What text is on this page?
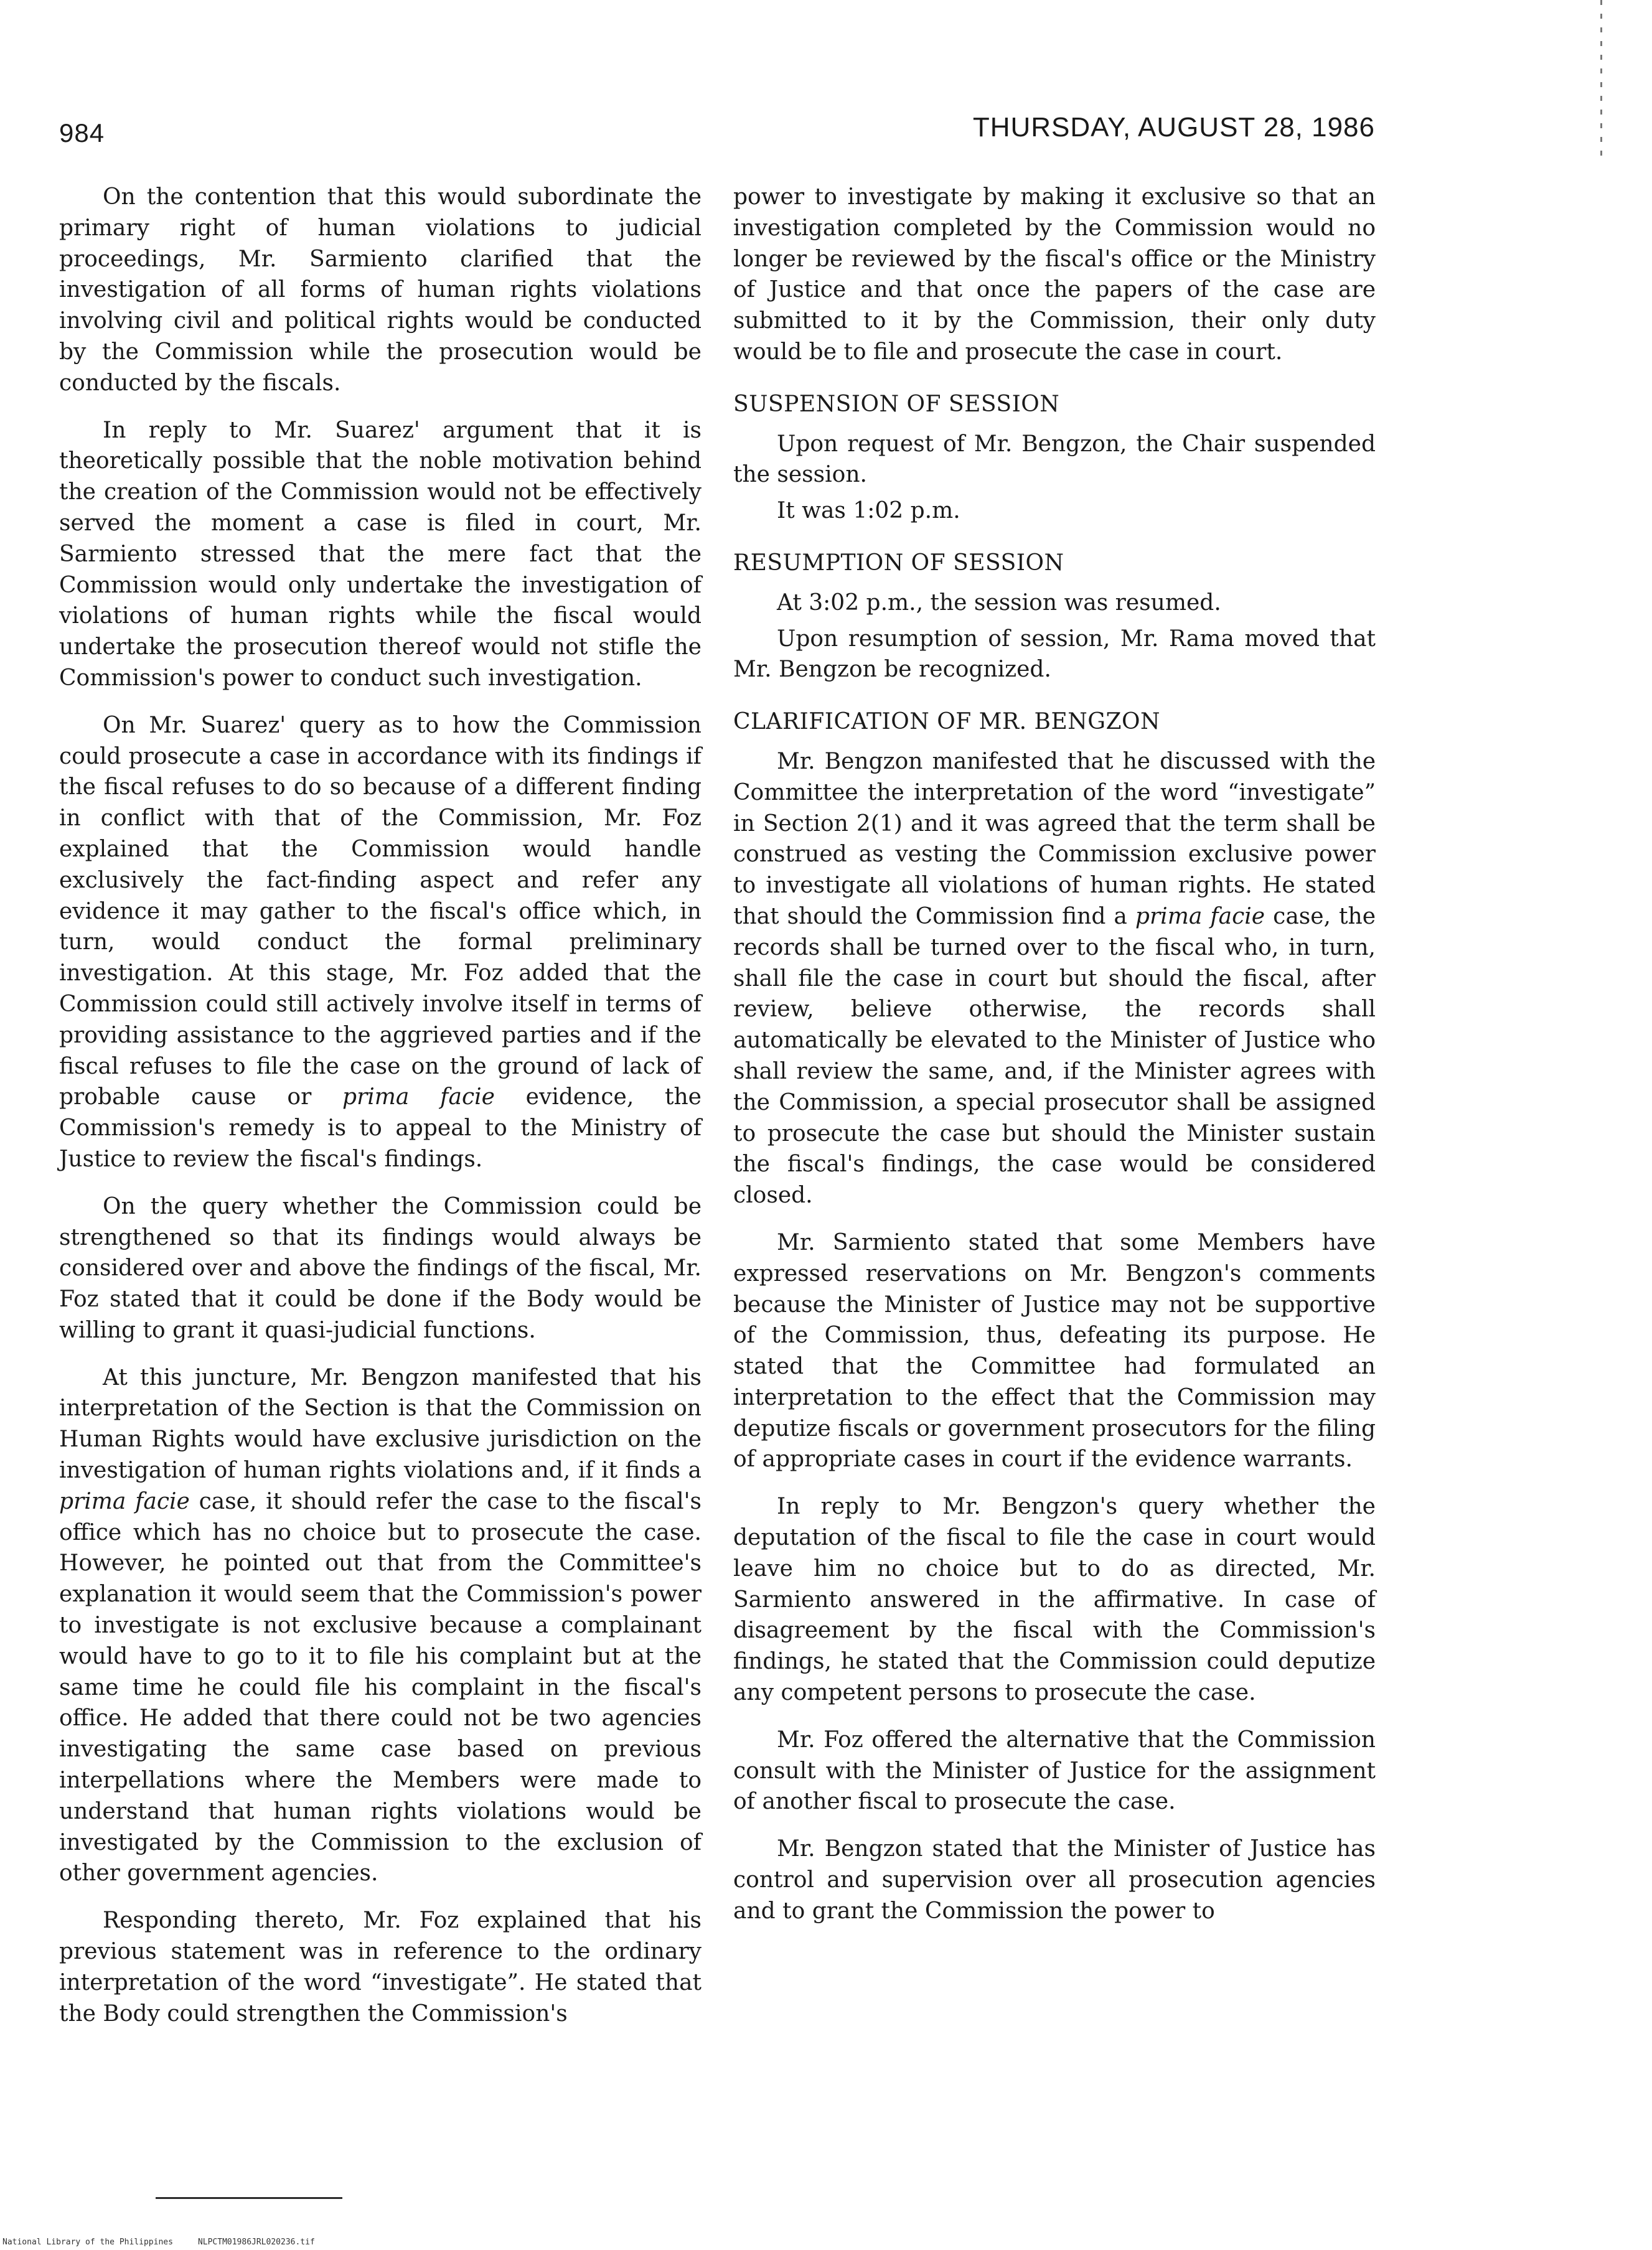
984	THURSDAY, AUGUST 28, 1986

On the contention that this would subordinate the primary right of human violations to judicial proceedings, Mr. Sarmiento clarified that the investigation of all forms of human rights violations involving civil and political rights would be conducted by the Commission while the prosecution would be conducted by the fiscals.

In reply to Mr. Suarez' argument that it is theoretically possible that the noble motivation behind the creation of the Commission would not be effectively served the moment a case is filed in court, Mr. Sarmiento stressed that the mere fact that the Commission would only undertake the investigation of violations of human rights while the fiscal would undertake the prosecution thereof would not stifle the Commission's power to conduct such investigation.

On Mr. Suarez' query as to how the Commission could prosecute a case in accordance with its findings if the fiscal refuses to do so because of a different finding in conflict with that of the Commission, Mr. Foz explained that the Commission would handle exclusively the fact-finding aspect and refer any evidence it may gather to the fiscal's office which, in turn, would conduct the formal preliminary investigation. At this stage, Mr. Foz added that the Commission could still actively involve itself in terms of providing assistance to the aggrieved parties and if the fiscal refuses to file the case on the ground of lack of probable cause or prima facie evidence, the Commission's remedy is to appeal to the Ministry of Justice to review the fiscal's findings.

On the query whether the Commission could be strengthened so that its findings would always be considered over and above the findings of the fiscal, Mr. Foz stated that it could be done if the Body would be willing to grant it quasi-judicial functions.

At this juncture, Mr. Bengzon manifested that his interpretation of the Section is that the Commission on Human Rights would have exclusive jurisdiction on the investigation of human rights violations and, if it finds a prima facie case, it should refer the case to the fiscal's office which has no choice but to prosecute the case. However, he pointed out that from the Committee's explanation it would seem that the Commission's power to investigate is not exclusive because a complainant would have to go to it to file his complaint but at the same time he could file his complaint in the fiscal's office. He added that there could not be two agencies investigating the same case based on previous interpellations where the Members were made to understand that human rights violations would be investigated by the Commission to the exclusion of other government agencies.

Responding thereto, Mr. Foz explained that his previous statement was in reference to the ordinary interpretation of the word “investigate”. He stated that the Body could strengthen the Commission's

power to investigate by making it exclusive so that an investigation completed by the Commission would no longer be reviewed by the fiscal's office or the Ministry of Justice and that once the papers of the case are submitted to it by the Commission, their only duty would be to file and prosecute the case in court.

SUSPENSION OF SESSION

Upon request of Mr. Bengzon, the Chair suspended the session.

It was 1:02 p.m.

RESUMPTION OF SESSION

At 3:02 p.m., the session was resumed.

Upon resumption of session, Mr. Rama moved that Mr. Bengzon be recognized.

CLARIFICATION OF MR. BENGZON

Mr. Bengzon manifested that he discussed with the Committee the interpretation of the word “investigate” in Section 2(1) and it was agreed that the term shall be construed as vesting the Commission exclusive power to investigate all violations of human rights. He stated that should the Commission find a prima facie case, the records shall be turned over to the fiscal who, in turn, shall file the case in court but should the fiscal, after review, believe otherwise, the records shall automatically be elevated to the Minister of Justice who shall review the same, and, if the Minister agrees with the Commission, a special prosecutor shall be assigned to prosecute the case but should the Minister sustain the fiscal's findings, the case would be considered closed.

Mr. Sarmiento stated that some Members have expressed reservations on Mr. Bengzon's comments because the Minister of Justice may not be supportive of the Commission, thus, defeating its purpose. He stated that the Committee had formulated an interpretation to the effect that the Commission may deputize fiscals or government prosecutors for the filing of appropriate cases in court if the evidence warrants.

In reply to Mr. Bengzon's query whether the deputation of the fiscal to file the case in court would leave him no choice but to do as directed, Mr. Sarmiento answered in the affirmative. In case of disagreement by the fiscal with the Commission's findings, he stated that the Commission could deputize any competent persons to prosecute the case.

Mr. Foz offered the alternative that the Commission consult with the Minister of Justice for the assignment of another fiscal to prosecute the case.

Mr. Bengzon stated that the Minister of Justice has control and supervision over all prosecution agencies and to grant the Commission the power to

National Library of the Philippines	NLPCTM01986JRL020236.tif
